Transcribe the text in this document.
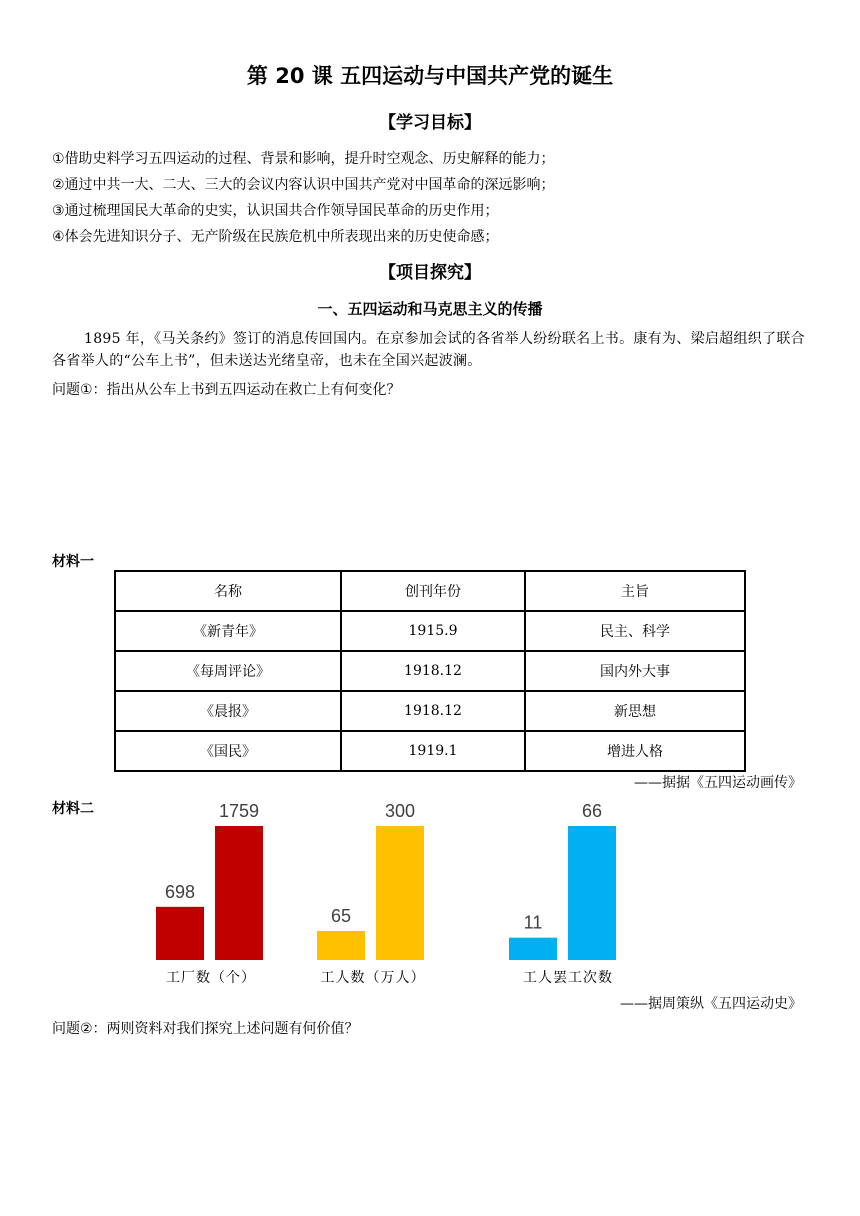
第 20 课 五四运动与中国共产党的诞生
【学习目标】
①借助史料学习五四运动的过程、背景和影响，提升时空观念、历史解释的能力；
②通过中共一大、二大、三大的会议内容认识中国共产党对中国革命的深远影响；
③通过梳理国民大革命的史实，认识国共合作领导国民革命的历史作用；
④体会先进知识分子、无产阶级在民族危机中所表现出来的历史使命感；
【项目探究】
一、五四运动和马克思主义的传播
1895 年，《马关条约》签订的消息传回国内。在京参加会试的各省举人纷纷联名上书。康有为、梁启超组织了联合各省举人的“公车上书”，但未送达光绪皇帝，也未在全国兴起波澜。
问题①：指出从公车上书到五四运动在救亡上有何变化？
材料一
名称	创刊年份	主旨
《新青年》	1915.9	民主、科学
《每周评论》	1918.12	国内外大事
《晨报》	1918.12	新思想
《国民》	1919.1	增进人格
——据据《五四运动画传》
材料二
698
1759
工厂数（个）
65
300
工人数（万人）
11
66
工人罢工次数
——据周策纵《五四运动史》
问题②：两则资料对我们探究上述问题有何价值？
